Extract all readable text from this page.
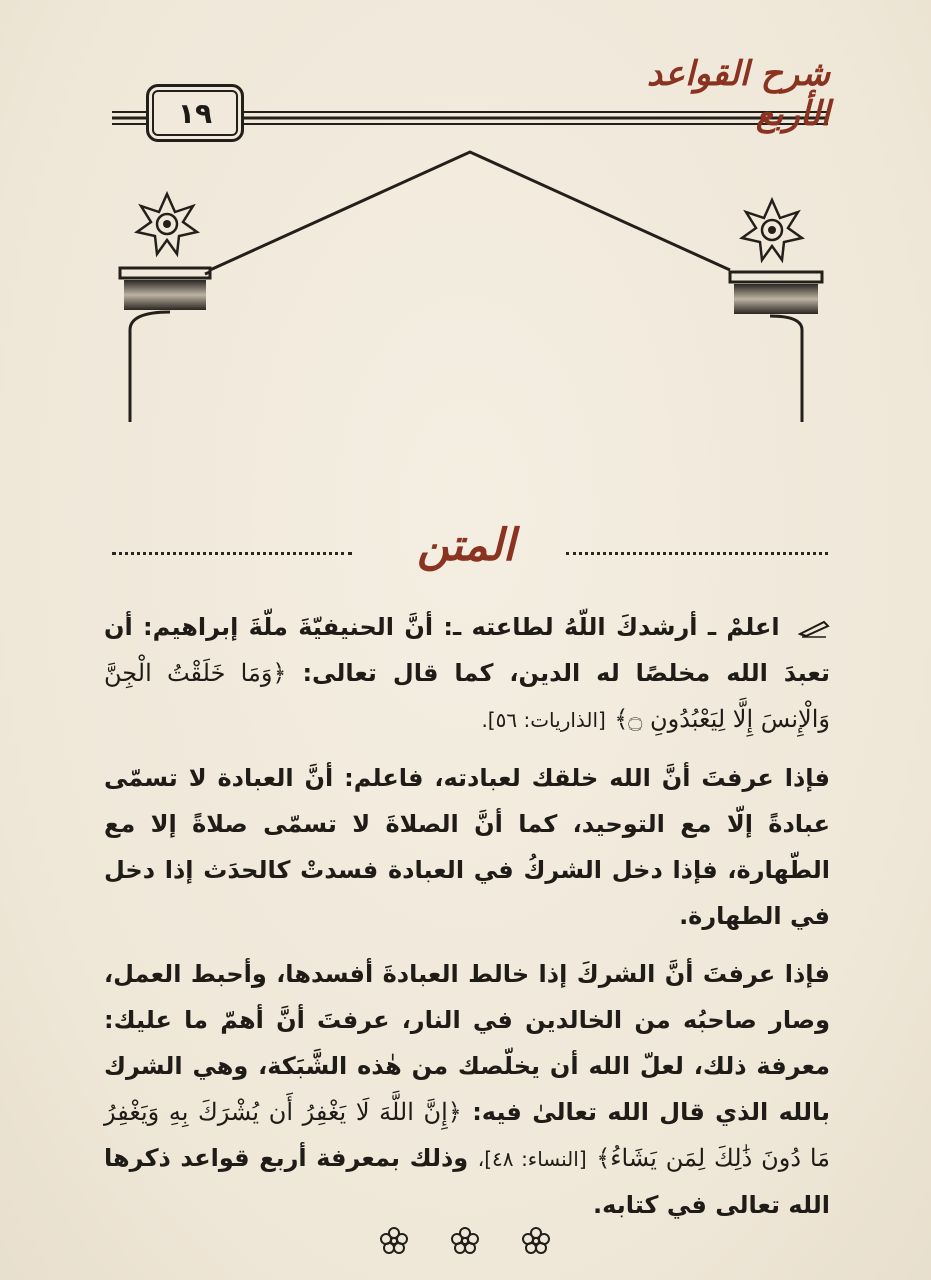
١٩
شرح القواعد الأربع
المتن

اعلمْ ـ أرشدكَ اللّهُ لطاعته ـ: أنَّ الحنيفيّةَ ملّةَ إبراهيم: أن تعبدَ الله مخلصًا له الدين، كما قال تعالى: ﴿وَمَا خَلَقْتُ الْجِنَّ وَالْإِنسَ إِلَّا لِيَعْبُدُونِ ۝﴾ [الذاريات: ٥٦].

فإذا عرفتَ أنَّ الله خلقك لعبادته، فاعلم: أنَّ العبادة لا تسمّى عبادةً إلّا مع التوحيد، كما أنَّ الصلاةَ لا تسمّى صلاةً إلا مع الطّهارة، فإذا دخل الشركُ في العبادة فسدتْ كالحدَث إذا دخل في الطهارة.

فإذا عرفتَ أنَّ الشركَ إذا خالط العبادةَ أفسدها، وأحبط العمل، وصار صاحبُه من الخالدين في النار، عرفتَ أنَّ أهمّ ما عليك: معرفة ذلك، لعلّ الله أن يخلّصك من هٰذه الشَّبَكة، وهي الشرك بالله الذي قال الله تعالىٰ فيه: ﴿إِنَّ اللَّهَ لَا يَغْفِرُ أَن يُشْرَكَ بِهِ وَيَغْفِرُ مَا دُونَ ذَٰلِكَ لِمَن يَشَاءُ﴾ [النساء: ٤٨]، وذلك بمعرفة أربع قواعد ذكرها الله تعالى في كتابه.
